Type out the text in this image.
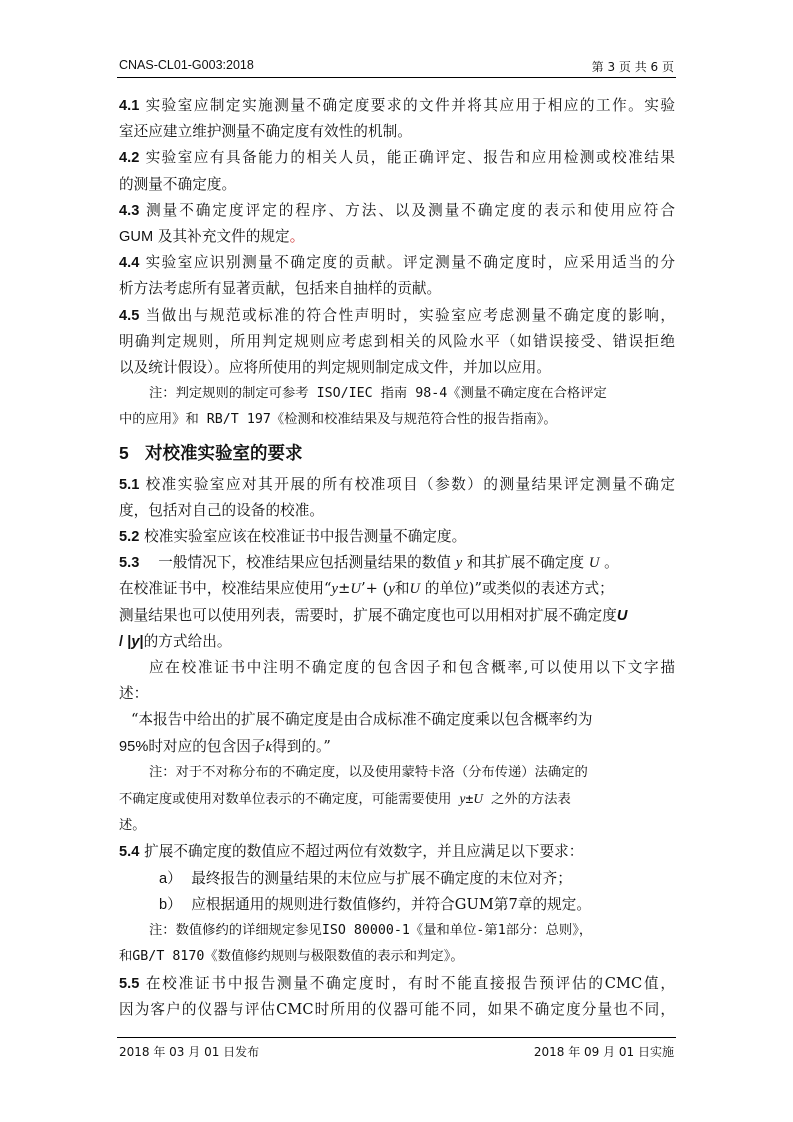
CNAS-CL01-G003:2018	第 3 页 共 6 页
4.1 实验室应制定实施测量不确定度要求的文件并将其应用于相应的工作。实验
室还应建立维护测量不确定度有效性的机制。
4.2 实验室应有具备能力的相关人员，能正确评定、报告和应用检测或校准结果
的测量不确定度。
4.3 测量不确定度评定的程序、方法、以及测量不确定度的表示和使用应符合
GUM 及其补充文件的规定。
4.4 实验室应识别测量不确定度的贡献。评定测量不确定度时，应采用适当的分
析方法考虑所有显著贡献，包括来自抽样的贡献。
4.5 当做出与规范或标准的符合性声明时，实验室应考虑测量不确定度的影响，
明确判定规则，所用判定规则应考虑到相关的风险水平（如错误接受、错误拒绝
以及统计假设）。应将所使用的判定规则制定成文件，并加以应用。
注：判定规则的制定可参考 ISO/IEC 指南 98-4《测量不确定度在合格评定
中的应用》和 RB/T 197《检测和校准结果及与规范符合性的报告指南》。
5 对校准实验室的要求
5.1 校准实验室应对其开展的所有校准项目（参数）的测量结果评定测量不确定
度，包括对自己的设备的校准。
5.2 校准实验室应该在校准证书中报告测量不确定度。
5.3    一般情况下，校准结果应包括测量结果的数值 y 和其扩展不确定度 U 。
在校准证书中，校准结果应使用“y±U’+ (y和U 的单位)”或类似的表述方式；
测量结果也可以使用列表，需要时，扩展不确定度也可以用相对扩展不确定度U
/ |y|的方式给出。
应在校准证书中注明不确定度的包含因子和包含概率,可以使用以下文字描
述：
“本报告中给出的扩展不确定度是由合成标准不确定度乘以包含概率约为
95%时对应的包含因子k得到的。”
注：对于不对称分布的不确定度，以及使用蒙特卡洛（分布传递）法确定的
不确定度或使用对数单位表示的不确定度，可能需要使用 y±U 之外的方法表
述。
5.4 扩展不确定度的数值应不超过两位有效数字，并且应满足以下要求：
a）  最终报告的测量结果的末位应与扩展不确定度的末位对齐；
b）  应根据通用的规则进行数值修约，并符合GUM第7章的规定。
注：数值修约的详细规定参见ISO 80000-1《量和单位-第1部分：总则》，
和GB/T 8170《数值修约规则与极限数值的表示和判定》。
5.5 在校准证书中报告测量不确定度时，有时不能直接报告预评估的CMC值，
因为客户的仪器与评估CMC时所用的仪器可能不同，如果不确定度分量也不同，
2018 年 03 月 01 日发布	2018 年 09 月 01 日实施
